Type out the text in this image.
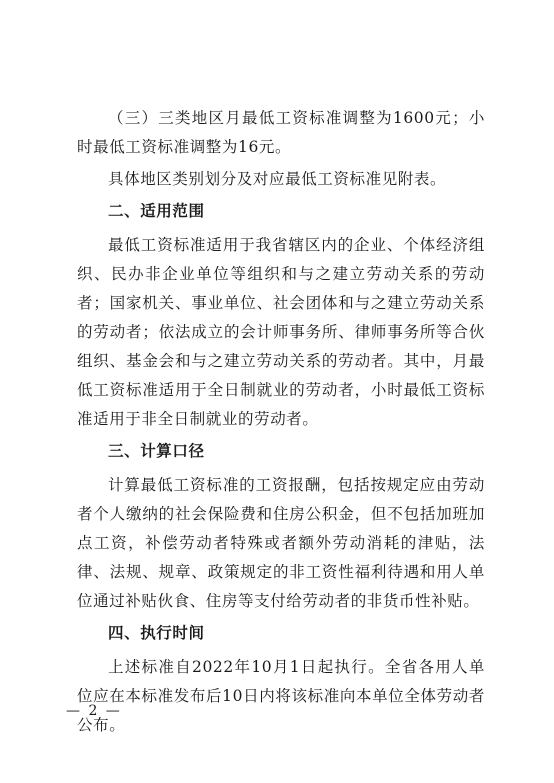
（三）三类地区月最低工资标准调整为1600元；小时最低工资标准调整为16元。

具体地区类别划分及对应最低工资标准见附表。

二、适用范围

最低工资标准适用于我省辖区内的企业、个体经济组织、民办非企业单位等组织和与之建立劳动关系的劳动者；国家机关、事业单位、社会团体和与之建立劳动关系的劳动者；依法成立的会计师事务所、律师事务所等合伙组织、基金会和与之建立劳动关系的劳动者。其中，月最低工资标准适用于全日制就业的劳动者，小时最低工资标准适用于非全日制就业的劳动者。

三、计算口径

计算最低工资标准的工资报酬，包括按规定应由劳动者个人缴纳的社会保险费和住房公积金，但不包括加班加点工资，补偿劳动者特殊或者额外劳动消耗的津贴，法律、法规、规章、政策规定的非工资性福利待遇和用人单位通过补贴伙食、住房等支付给劳动者的非货币性补贴。

四、执行时间

上述标准自2022年10月1日起执行。全省各用人单位应在本标准发布后10日内将该标准向本单位全体劳动者公布。

— 2 —
